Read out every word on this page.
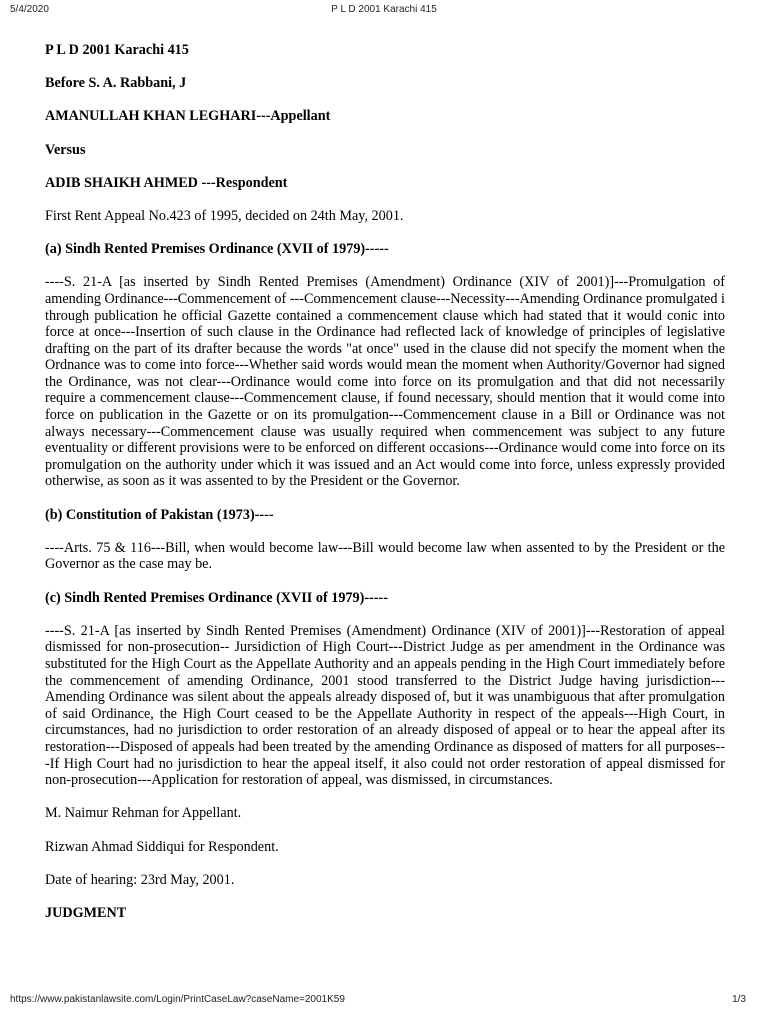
5/4/2020	P L D 2001 Karachi 415

P L D 2001 Karachi 415

Before S. A. Rabbani, J

AMANULLAH KHAN LEGHARI---Appellant

Versus

ADIB SHAIKH AHMED ---Respondent

First Rent Appeal No.423 of 1995, decided on 24th May, 2001.

(a) Sindh Rented Premises Ordinance (XVII of 1979)-----

----S. 21-A [as inserted by Sindh Rented Premises (Amendment) Ordinance (XIV of 2001)]---Promulgation of amending Ordinance---Commencement of ---Commencement clause---Necessity---Amending Ordinance promulgated i through publication he official Gazette contained a commencement clause which had stated that it would conic into force at once---Insertion of such clause in the Ordinance had reflected lack of knowledge of principles of legislative drafting on the part of its drafter because the words "at once" used in the clause did not specify the moment when the Ordnance was to come into force---Whether said words would mean the moment when Authority/Governor had signed the Ordinance, was not clear---Ordinance would come into force on its promulgation and that did not necessarily require a commencement clause---Commencement clause, if found necessary, should mention that it would come into force on publication in the Gazette or on its promulgation---Commencement clause in a Bill or Ordinance was not always necessary---Commencement clause was usually required when commencement was subject to any future eventuality or different provisions were to be enforced on different occasions---Ordinance would come into force on its promulgation on the authority under which it was issued and an Act would come into force, unless expressly provided otherwise, as soon as it was assented to by the President or the Governor.

(b) Constitution of Pakistan (1973)----

----Arts. 75 & 116---Bill, when would become law---Bill would become law when assented to by the President or the Governor as the case may be.

(c) Sindh Rented Premises Ordinance (XVII of 1979)-----

----S. 21-A [as inserted by Sindh Rented Premises (Amendment) Ordinance (XIV of 2001)]---Restoration of appeal dismissed for non-prosecution-- Jursidiction of High Court---District Judge as per amendment in the Ordinance was substituted for the High Court as the Appellate Authority and an appeals pending in the High Court immediately before the commencement of amending Ordinance, 2001 stood transferred to the District Judge having jurisdiction---Amending Ordinance was silent about the appeals already disposed of, but it was unambiguous that after promulgation of said Ordinance, the High Court ceased to be the Appellate Authority in respect of the appeals---High Court, in circumstances, had no jurisdiction to order restoration of an already disposed of appeal or to hear the appeal after its restoration---Disposed of appeals had been treated by the amending Ordinance as disposed of matters for all purposes---If High Court had no jurisdiction to hear the appeal itself, it also could not order restoration of appeal dismissed for non-prosecution---Application for restoration of appeal, was dismissed, in circumstances.

M. Naimur Rehman for Appellant.

Rizwan Ahmad Siddiqui for Respondent.

Date of hearing: 23rd May, 2001.

JUDGMENT

https://www.pakistanlawsite.com/Login/PrintCaseLaw?caseName=2001K59	1/3
